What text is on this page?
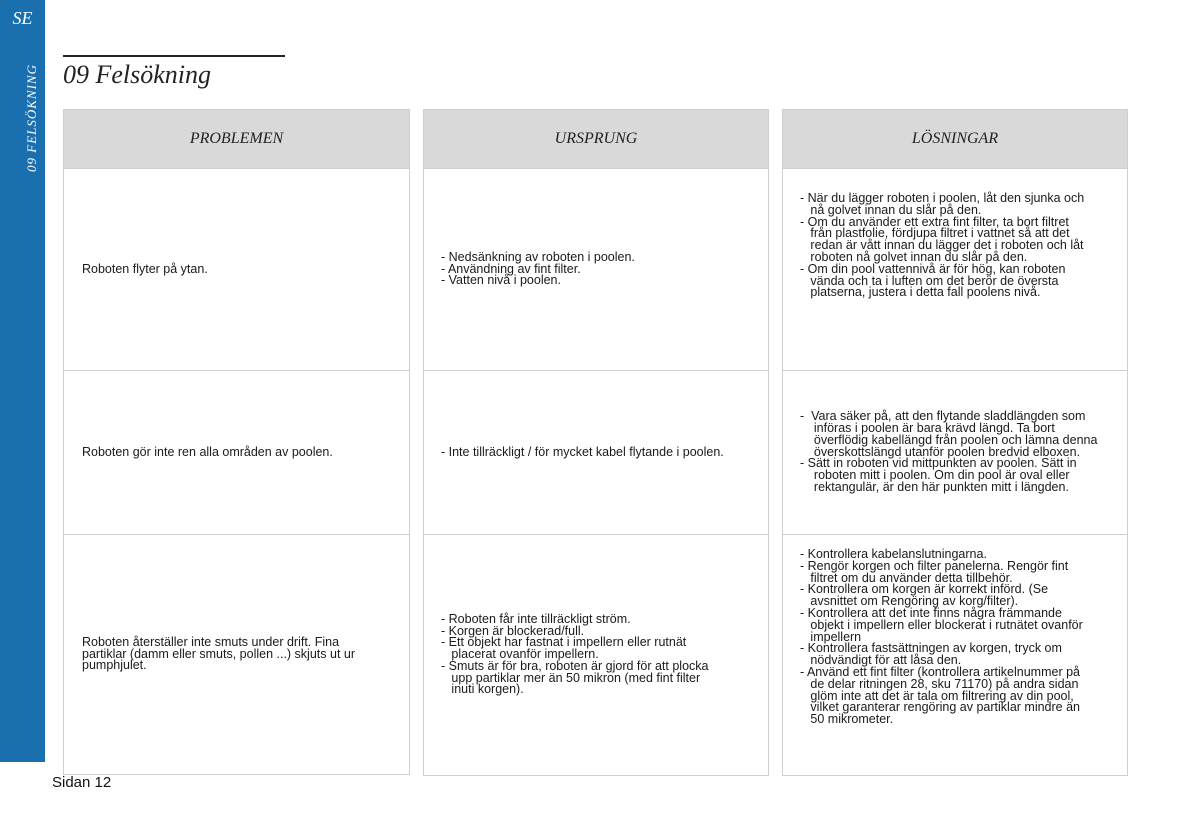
SE
09 FELSÖKNING 09 Felsökning
PROBLEMEN
Roboten flyter på ytan.
Roboten gör inte ren alla områden av poolen.
Roboten återställer inte smuts under drift. Fina
partiklar (damm eller smuts, pollen ...) skjuts ut ur
pumphjulet.
URSPRUNG
- Nedsänkning av roboten i poolen.
- Användning av fint filter.
- Vatten nivå i poolen.
- Inte tillräckligt / för mycket kabel flytande i poolen.
- Roboten får inte tillräckligt ström.
- Korgen är blockerad/full.
- Ett objekt har fastnat i impellern eller rutnät
placerat ovanför impellern.
- Smuts är för bra, roboten är gjord för att plocka
upp partiklar mer än 50 mikron (med fint filter
inuti korgen).
LÖSNINGAR
- När du lägger roboten i poolen, låt den sjunka och
nå golvet innan du slår på den.
- Om du använder ett extra fint filter, ta bort filtret
från plastfolie, fördjupa filtret i vattnet så att det
redan är vått innan du lägger det i roboten och låt
roboten nå golvet innan du slår på den.
- Om din pool vattennivå är för hög, kan roboten
vända och ta i luften om det berör de översta
platserna, justera i detta fall poolens nivå.
-  Vara säker på, att den flytande sladdlängden som
införas i poolen är bara krävd längd. Ta bort
överflödig kabellängd från poolen och lämna denna
överskottslängd utanför poolen bredvid elboxen.
- Sätt in roboten vid mittpunkten av poolen. Sätt in
roboten mitt i poolen. Om din pool är oval eller
rektangulär, är den här punkten mitt i längden.
- Kontrollera kabelanslutningarna.
- Rengör korgen och filter panelerna. Rengör fint
filtret om du använder detta tillbehör.
- Kontrollera om korgen är korrekt införd. (Se
avsnittet om Rengöring av korg/filter).
- Kontrollera att det inte finns några främmande
objekt i impellern eller blockerat i rutnätet ovanför
impellern
- Kontrollera fastsättningen av korgen, tryck om
nödvändigt för att låsa den.
- Använd ett fint filter (kontrollera artikelnummer på
de delar ritningen 28, sku 71170) på andra sidan
glöm inte att det är tala om filtrering av din pool,
vilket garanterar rengöring av partiklar mindre än
50 mikrometer.
Sidan 12
